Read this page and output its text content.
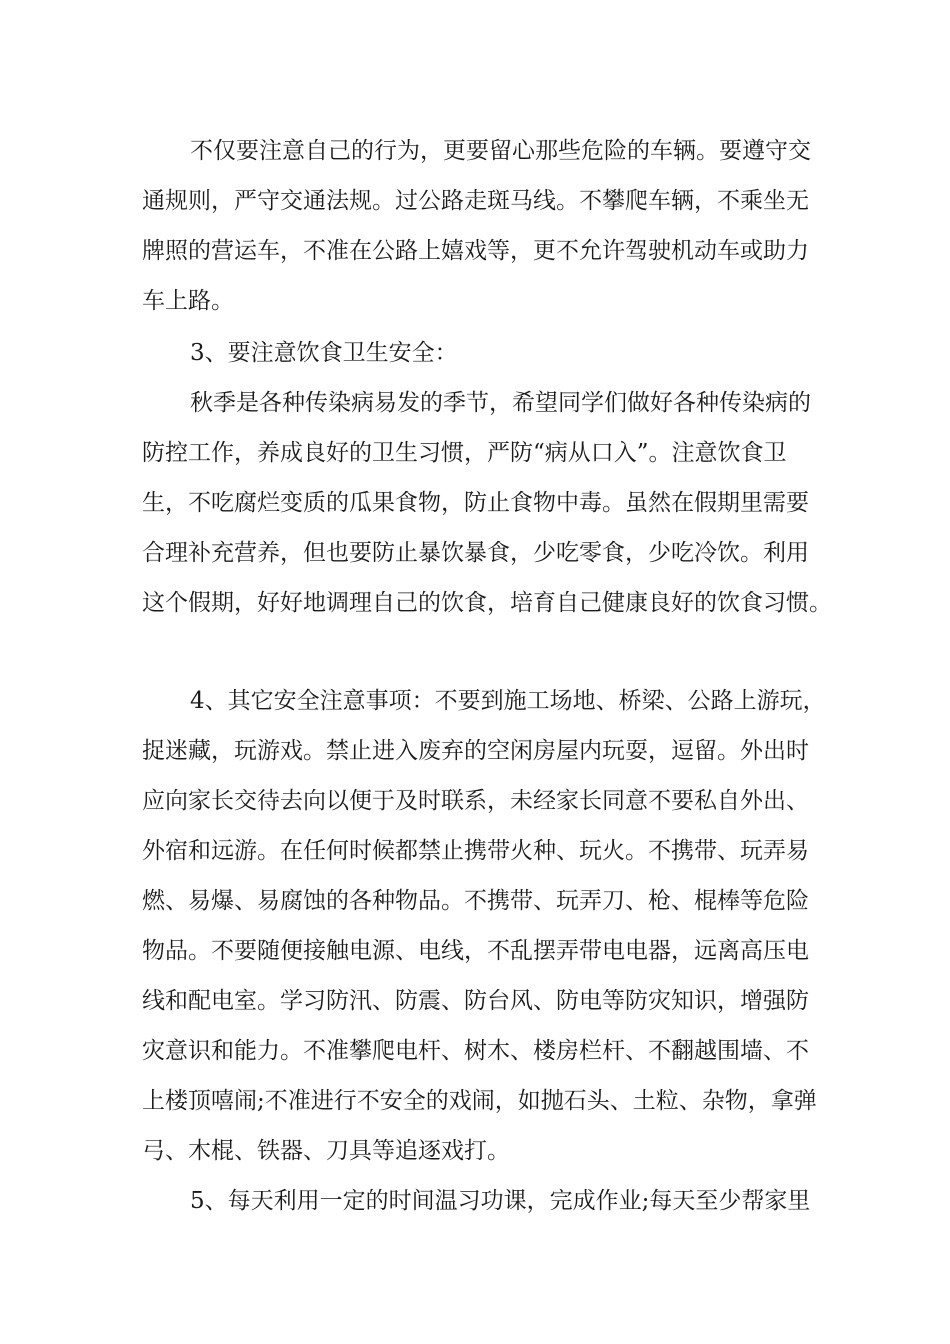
不仅要注意自己的行为，更要留心那些危险的车辆。要遵守交

通规则，严守交通法规。过公路走斑马线。不攀爬车辆，不乘坐无

牌照的营运车，不准在公路上嬉戏等，更不允许驾驶机动车或助力

车上路。

3、要注意饮食卫生安全：

秋季是各种传染病易发的季节，希望同学们做好各种传染病的

防控工作，养成良好的卫生习惯，严防“病从口入”。注意饮食卫

生，不吃腐烂变质的瓜果食物，防止食物中毒。虽然在假期里需要

合理补充营养，但也要防止暴饮暴食，少吃零食，少吃冷饮。利用

这个假期，好好地调理自己的饮食，培育自己健康良好的饮食习惯。

4、其它安全注意事项：不要到施工场地、桥梁、公路上游玩，

捉迷藏，玩游戏。禁止进入废弃的空闲房屋内玩耍，逗留。外出时

应向家长交待去向以便于及时联系，未经家长同意不要私自外出、

外宿和远游。在任何时候都禁止携带火种、玩火。不携带、玩弄易

燃、易爆、易腐蚀的各种物品。不携带、玩弄刀、枪、棍棒等危险

物品。不要随便接触电源、电线，不乱摆弄带电电器，远离高压电

线和配电室。学习防汛、防震、防台风、防电等防灾知识，增强防

灾意识和能力。不准攀爬电杆、树木、楼房栏杆、不翻越围墙、不

上楼顶嘻闹;不准进行不安全的戏闹，如抛石头、土粒、杂物，拿弹

弓、木棍、铁器、刀具等追逐戏打。

5、每天利用一定的时间温习功课，完成作业;每天至少帮家里
